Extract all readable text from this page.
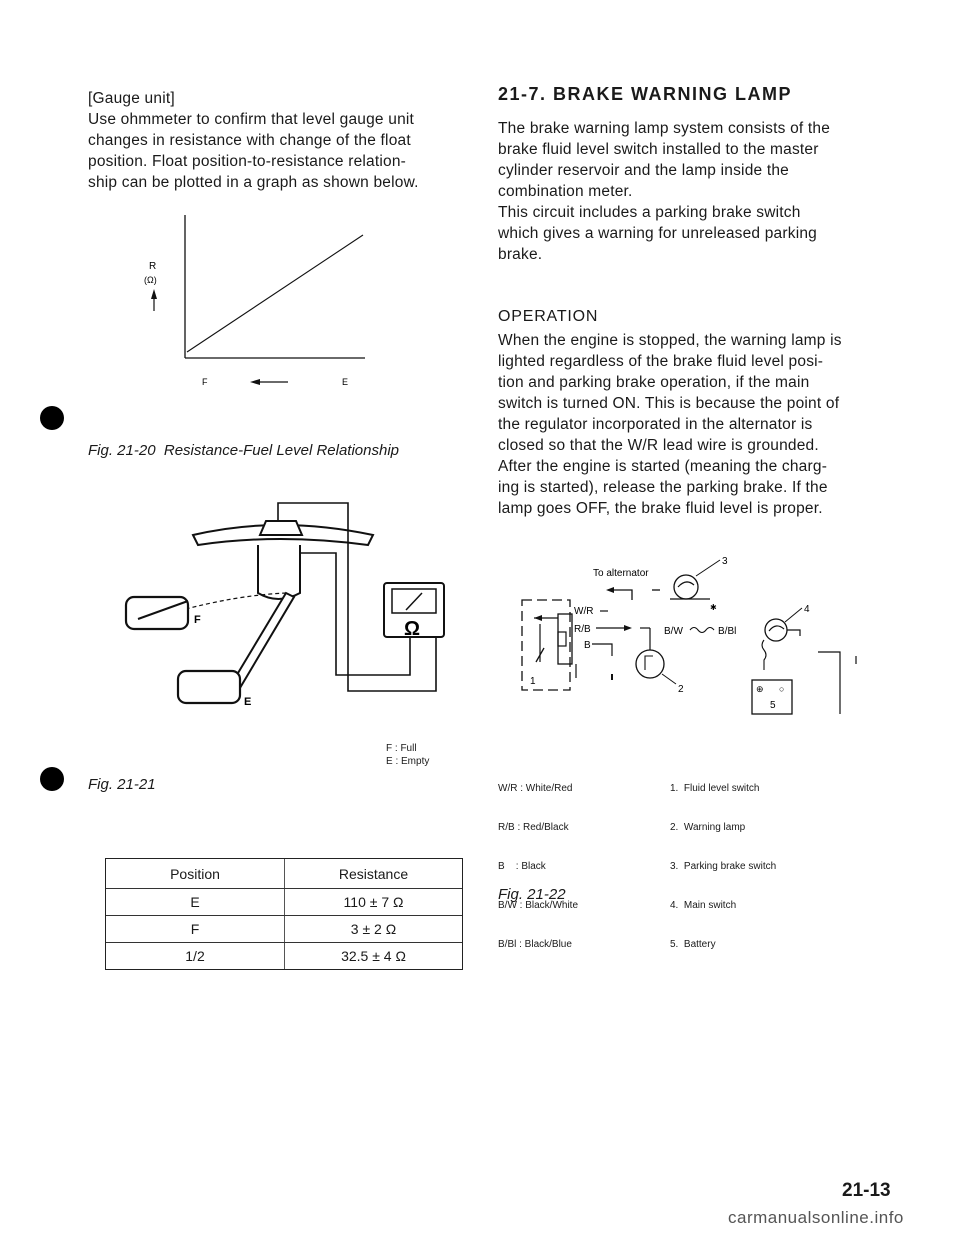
[Gauge unit]
Use ohmmeter to confirm that level gauge unit
changes in resistance with change of the float
position. Float position-to-resistance relation-
ship can be plotted in a graph as shown below.
R
(Ω)
F	E
Fig. 21-20  Resistance-Fuel Level Relationship
Ω
F
E
F : Full
E : Empty
Fig. 21-21
Position	Resistance
E	110 ± 7 Ω
F	3 ± 2 Ω
1/2	32.5 ± 4 Ω
21-7. BRAKE WARNING LAMP
The brake warning lamp system consists of the
brake fluid level switch installed to the master
cylinder reservoir and the lamp inside the
combination meter.
This circuit includes a parking brake switch
which gives a warning for unreleased parking
brake.
OPERATION
When the engine is stopped, the warning lamp is
lighted regardless of the brake fluid level posi-
tion and parking brake operation, if the main
switch is turned ON. This is because the point of
the regulator incorporated in the alternator is
closed so that the W/R lead wire is grounded.
After the engine is started (meaning the charg-
ing is started), release the parking brake. If the
lamp goes OFF, the brake fluid level is proper.
To alternator
1
W/R
R/B
B
2
B/W	B/Bl
3
✱	4
⊕ ○
5

W/R : White/Red

R/B : Red/Black

B    : Black

B/W : Black/White

B/Bl : Black/Blue

1.  Fluid level switch

2.  Warning lamp

3.  Parking brake switch

4.  Main switch

5.  Battery

Fig. 21-22
21-13
carmanualsonline.info
